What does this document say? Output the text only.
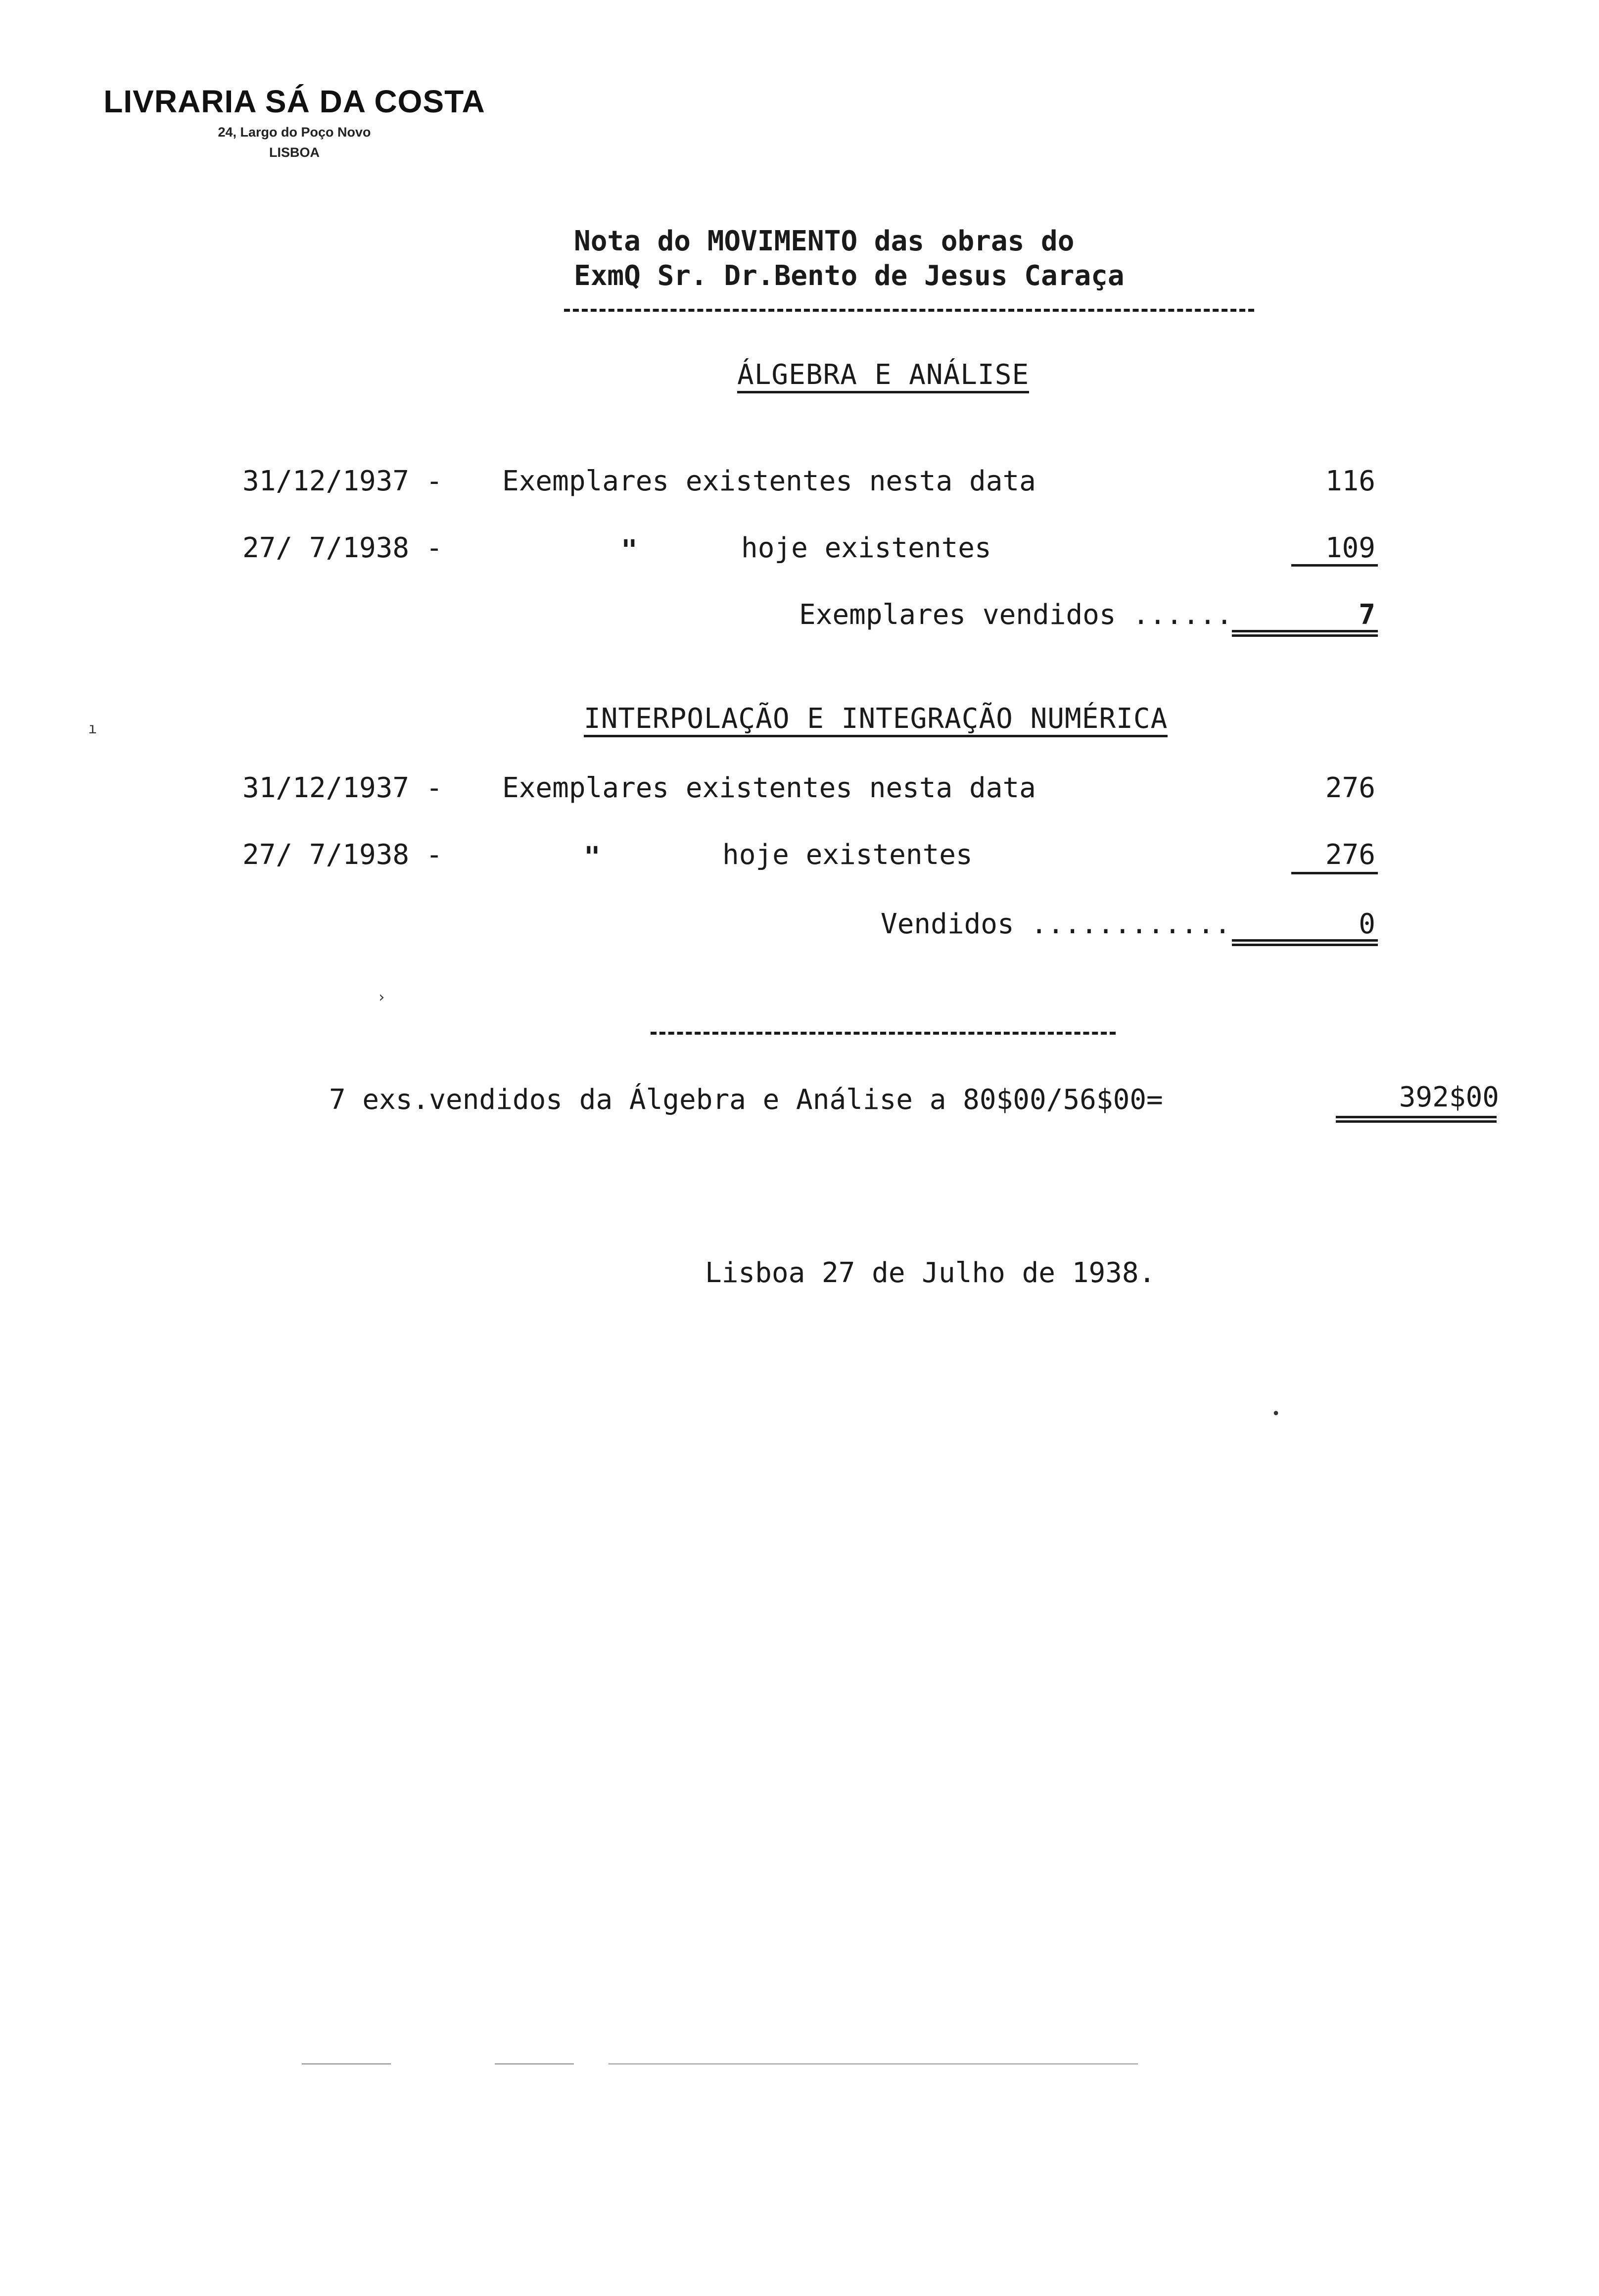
LIVRARIA SÁ DA COSTA
24, Largo do Poço Novo
LISBOA
Nota do MOVIMENTO das obras do
ExmQ Sr. Dr.Bento de Jesus Caraça
ÁLGEBRA E ANÁLISE
31/12/1937 - Exemplares existentes nesta data	116
27/ 7/1938 -	"	hoje existentes	109
Exemplares vendidos ......	7
INTERPOLAÇÃO E INTEGRAÇÃO NUMÉRICA
31/12/1937 - Exemplares existentes nesta data	276
27/ 7/1938 -	"	hoje existentes	276
Vendidos ............	0
7 exs.vendidos da Álgebra e Análise a 80$00/56$00=	392$00
Lisboa 27 de Julho de 1938.
ı
›
•
